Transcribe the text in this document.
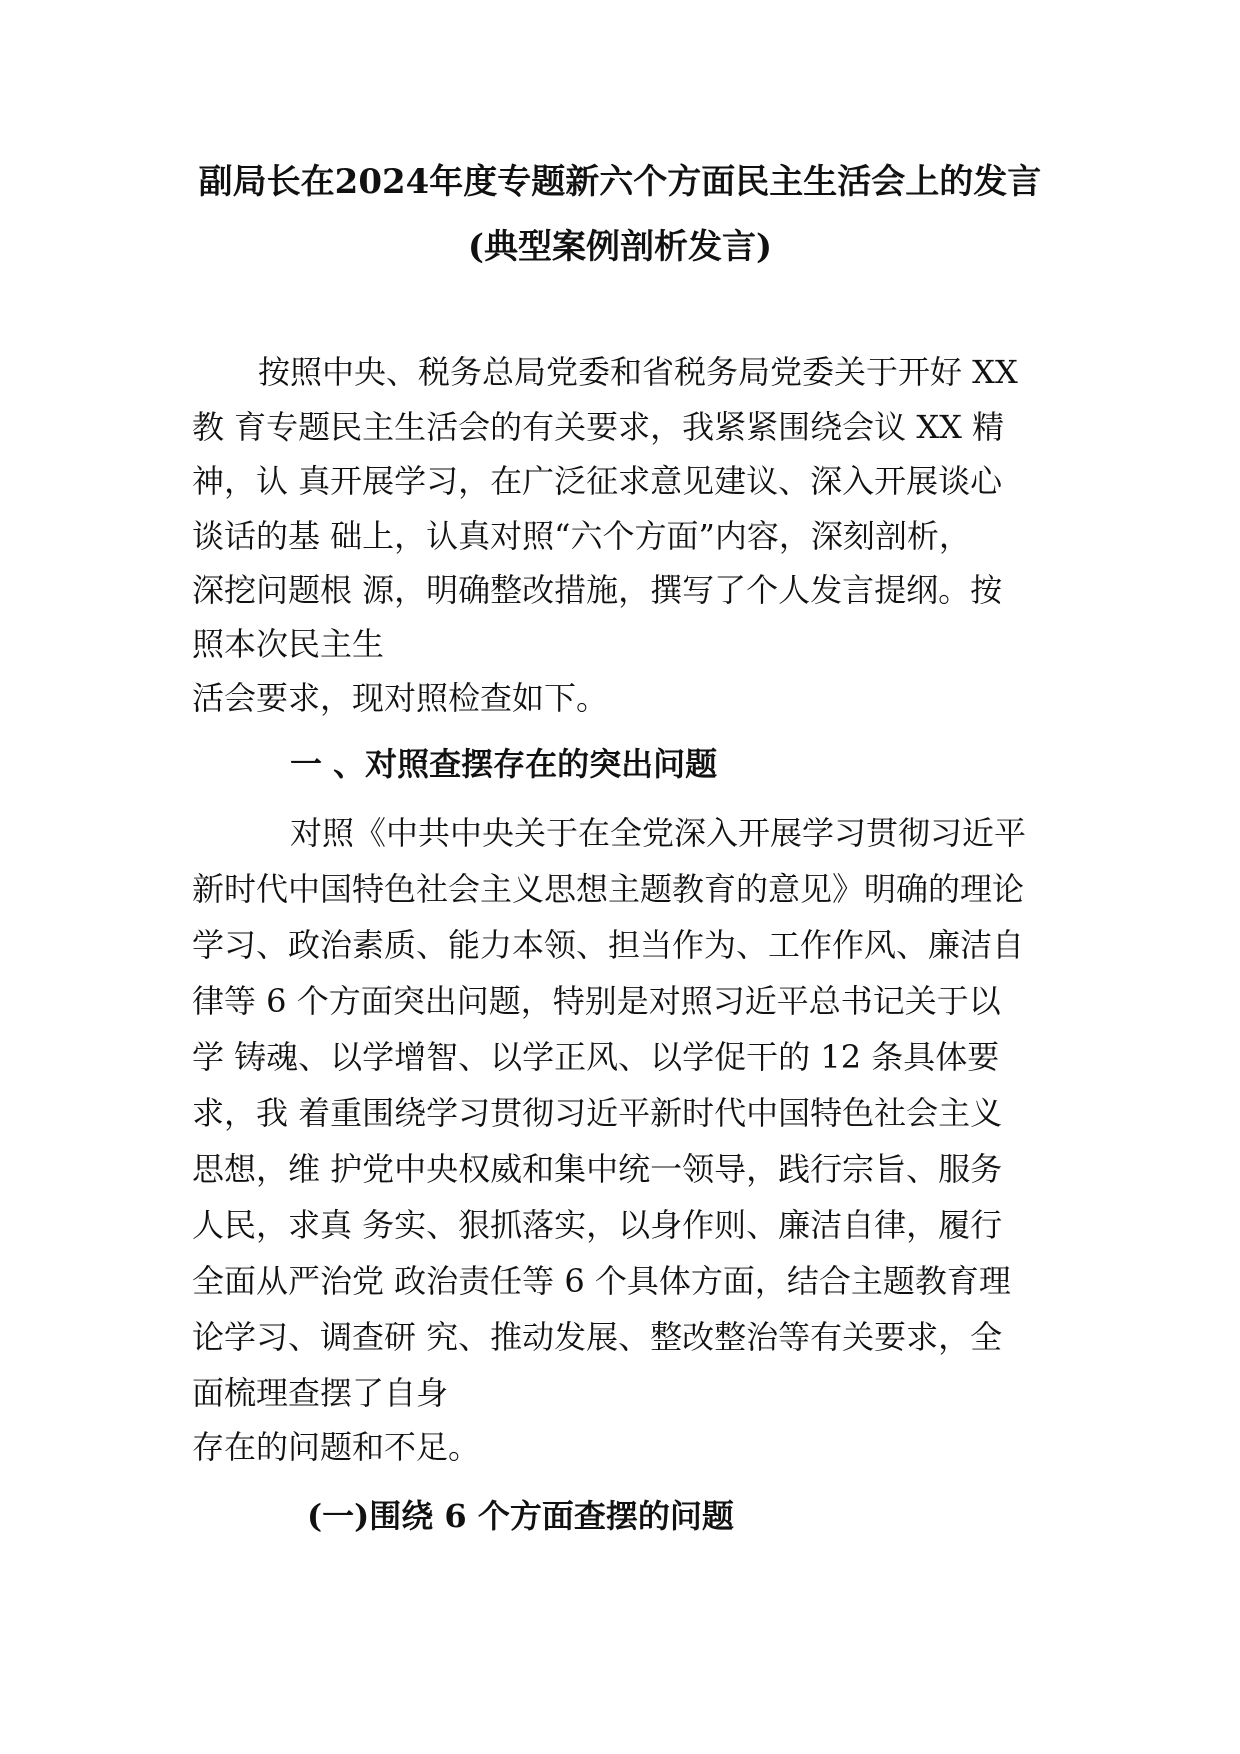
副局长在2024年度专题新六个方面民主生活会上的发言
(典型案例剖析发言)

按照中央、税务总局党委和省税务局党委关于开好 XX

教 育专题民主生活会的有关要求，我紧紧围绕会议 XX 精

神，认 真开展学习，在广泛征求意见建议、深入开展谈心

谈话的基 础上，认真对照“六个方面”内容，深刻剖析，

深挖问题根 源，明确整改措施，撰写了个人发言提纲。按

照本次民主生

活会要求，现对照检查如下。

一 、对照查摆存在的突出问题

对照《中共中央关于在全党深入开展学习贯彻习近平

新时代中国特色社会主义思想主题教育的意见》明确的理论

学习、政治素质、能力本领、担当作为、工作作风、廉洁自

律等 6 个方面突出问题，特别是对照习近平总书记关于以

学 铸魂、以学增智、以学正风、以学促干的 12 条具体要

求，我 着重围绕学习贯彻习近平新时代中国特色社会主义

思想，维 护党中央权威和集中统一领导，践行宗旨、服务

人民，求真 务实、狠抓落实，以身作则、廉洁自律，履行

全面从严治党 政治责任等 6 个具体方面，结合主题教育理

论学习、调查研 究、推动发展、整改整治等有关要求，全

面梳理查摆了自身

存在的问题和不足。

(一)围绕 6 个方面查摆的问题
